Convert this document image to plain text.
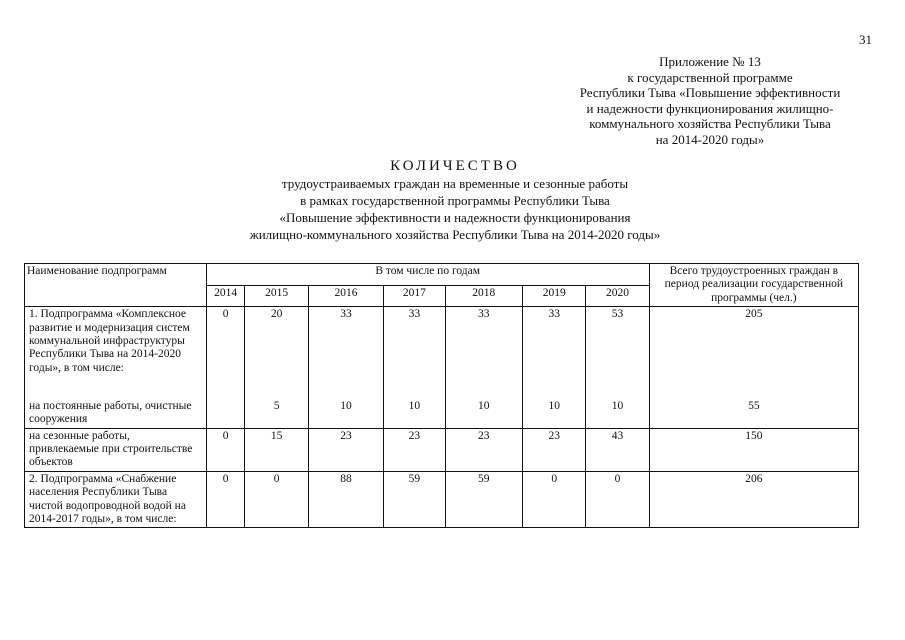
31
Приложение № 13
к государственной программе
Республики Тыва «Повышение эффективности
и надежности функционирования жилищно-
коммунального хозяйства Республики Тыва
на 2014-2020 годы»
КОЛИЧЕСТВО
трудоустраиваемых граждан на временные и сезонные работы
в рамках государственной программы Республики Тыва
«Повышение эффективности и надежности функционирования
жилищно-коммунального хозяйства Республики Тыва на 2014-2020 годы»
Наименование подпрограмм	В том числе по годам							Всего трудоустроенных граждан в период реализации государственной программы (чел.)
	2014	2015	2016	2017	2018	2019	2020	
1. Подпрограмма «Комплексное развитие и модернизация систем коммунальной инфраструктуры Республики Тыва на 2014-2020 годы», в том числе:	0	20	33	33	33	33	53	205
на постоянные работы, очистные сооружения		5	10	10	10	10	10	55
на сезонные работы, привлекаемые при строительстве объектов	0	15	23	23	23	23	43	150
2. Подпрограмма «Снабжение населения Республики Тыва чистой водопроводной водой на 2014-2017 годы», в том числе:	0	0	88	59	59	0	0	206
